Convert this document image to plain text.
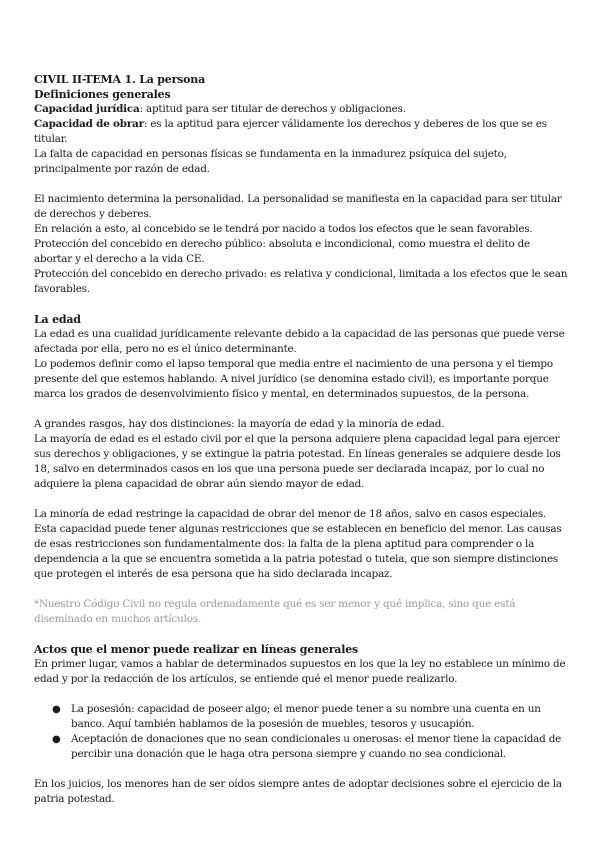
CIVIL II-TEMA 1. La persona

Definiciones generales

Capacidad jurídica: aptitud para ser titular de derechos y obligaciones.

Capacidad de obrar: es la aptitud para ejercer válidamente los derechos y deberes de los que se es titular.

La falta de capacidad en personas físicas se fundamenta en la inmadurez psíquica del sujeto, principalmente por razón de edad.

El nacimiento determina la personalidad. La personalidad se manifiesta en la capacidad para ser titular de derechos y deberes.

En relación a esto, al concebido se le tendrá por nacido a todos los efectos que le sean favorables.

Protección del concebido en derecho público: absoluta e incondicional, como muestra el delito de abortar y el derecho a la vida CE.

Protección del concebido en derecho privado: es relativa y condicional, limitada a los efectos que le sean favorables.

La edad

La edad es una cualidad jurídicamente relevante debido a la capacidad de las personas que puede verse afectada por ella, pero no es el único determinante.

Lo podemos definir como el lapso temporal que media entre el nacimiento de una persona y el tiempo presente del que estemos hablando. A nivel jurídico (se denomina estado civil), es importante porque marca los grados de desenvolvimiento físico y mental, en determinados supuestos, de la persona.

A grandes rasgos, hay dos distinciones: la mayoría de edad y la minoría de edad.

La mayoría de edad es el estado civil por el que la persona adquiere plena capacidad legal para ejercer sus derechos y obligaciones, y se extingue la patria potestad. En líneas generales se adquiere desde los 18, salvo en determinados casos en los que una persona puede ser declarada incapaz, por lo cual no adquiere la plena capacidad de obrar aún siendo mayor de edad.

La minoría de edad restringe la capacidad de obrar del menor de 18 años, salvo en casos especiales. Esta capacidad puede tener algunas restricciones que se establecen en beneficio del menor. Las causas de esas restricciones son fundamentalmente dos: la falta de la plena aptitud para comprender o la dependencia a la que se encuentra sometida a la patria potestad o tutela, que son siempre distinciones que protegen el interés de esa persona que ha sido declarada incapaz.

*Nuestro Código Civil no regula ordenadamente qué es ser menor y qué implica, sino que está diseminado en muchos artículos.

Actos que el menor puede realizar en líneas generales

En primer lugar, vamos a hablar de determinados supuestos en los que la ley no establece un mínimo de edad y por la redacción de los artículos, se entiende qué el menor puede realizarlo.

● La posesión: capacidad de poseer algo; el menor puede tener a su nombre una cuenta en un banco. Aquí también hablamos de la posesión de muebles, tesoros y usucapión.
● Aceptación de donaciones que no sean condicionales u onerosas: el menor tiene la capacidad de percibir una donación que le haga otra persona siempre y cuando no sea condicional.

En los juicios, los menores han de ser oídos siempre antes de adoptar decisiones sobre el ejercicio de la patria potestad.
